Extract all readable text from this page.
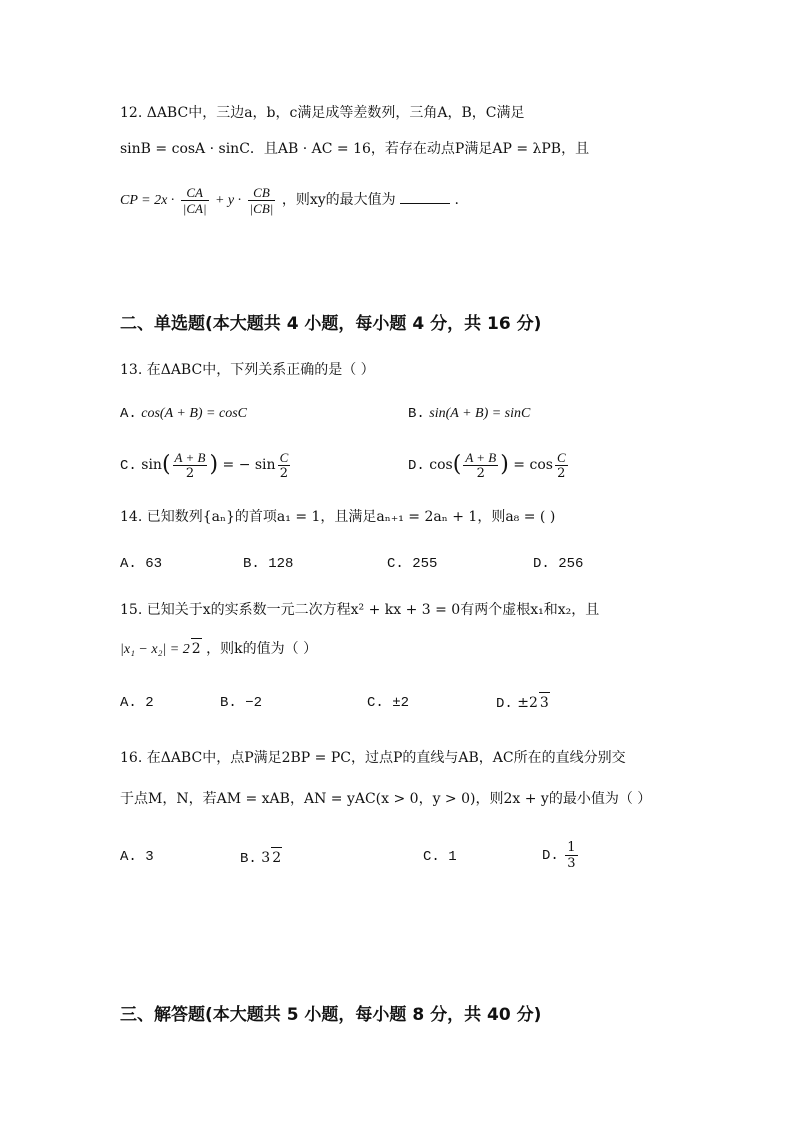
12. ΔABC中，三边a，b，c满足成等差数列，三角A，B，C满足
sinB = cosA · sinC．且AB · AC = 16，若存在动点P满足AP = λPB，且
CP = $2x \cdot \frac{CA}{|CA|} + y \cdot \frac{CB}{|CB|}$ ，则xy的最大值为	.
二、单选题(本大题共 4 小题，每小题 4 分，共 16 分)
13. 在ΔABC中，下列关系正确的是（ ）
A. cos(A + B) = cosC	B. sin(A + B) = sinC
C. $\sin( \frac{A + B}{2}$ ) = − $\sin \frac{C}{2}$	D. $\cos( \frac{A + B}{2}$ ) = $\cos \frac{C}{2}$
14. 已知数列{aₙ}的首项a₁ = 1，且满足aₙ₊₁ = 2aₙ + 1，则a₈ = ( )
A. 63	B. 128	C. 255	D. 256
15. 已知关于x的实系数一元二次方程x² + kx + 3 = 0有两个虚根x₁和x₂，且
|x₁ − x₂| = 2 2 ，则k的值为（ ）
A. 2	B. −2	C. ±2	D. ±2 3
16. 在ΔABC中，点P满足2BP = PC，过点P的直线与AB，AC所在的直线分别交
于点M，N，若AM = xAB，AN = yAC(x > 0，y > 0)，则2x + y的最小值为（ ）
A. 3	B. 3 2	C. 1	D. $\frac{1}{3}$
三、解答题(本大题共 5 小题，每小题 8 分，共 40 分)
